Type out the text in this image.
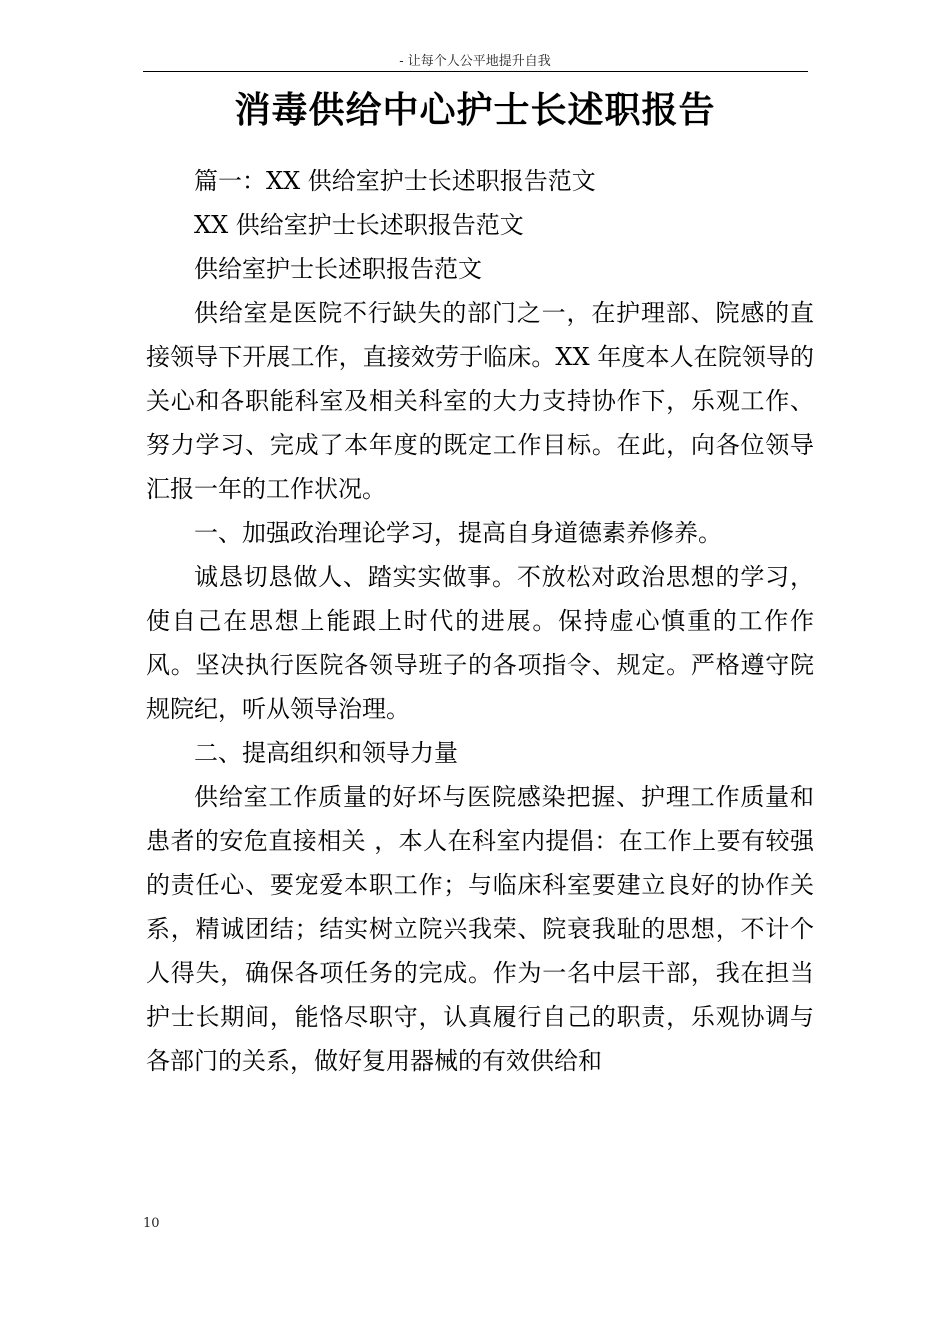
- 让每个人公平地提升自我
消毒供给中心护士长述职报告

篇一：XX 供给室护士长述职报告范文

XX 供给室护士长述职报告范文

供给室护士长述职报告范文

供给室是医院不行缺失的部门之一，在护理部、院感的直接领导下开展工作，直接效劳于临床。XX 年度本人在院领导的关心和各职能科室及相关科室的大力支持协作下，乐观工作、努力学习、完成了本年度的既定工作目标。在此，向各位领导汇报一年的工作状况。

一、加强政治理论学习，提高自身道德素养修养。

诚恳切恳做人、踏实实做事。不放松对政治思想的学习， 使自己在思想上能跟上时代的进展。保持虚心慎重的工作作风。坚决执行医院各领导班子的各项指令、规定。严格遵守院规院纪，听从领导治理。

二、提高组织和领导力量

供给室工作质量的好坏与医院感染把握、护理工作质量和患者的安危直接相关 ，本人在科室内提倡：在工作上要有较强的责任心、要宠爱本职工作；与临床科室要建立良好的协作关系，精诚团结；结实树立院兴我荣、院衰我耻的思想，不计个人得失，确保各项任务的完成。作为一名中层干部，我在担当护士长期间，能恪尽职守，认真履行自己的职责，乐观协调与各部门的关系，做好复用器械的有效供给和

10
